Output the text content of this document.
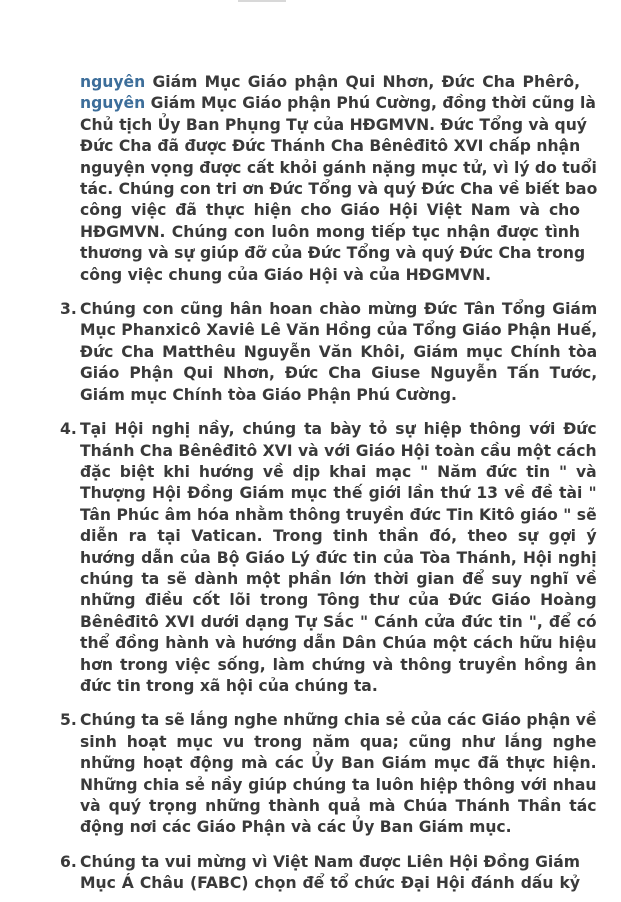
nguyên Giám Mục Giáo phận Qui Nhơn, Đức Cha Phêrô,
nguyên Giám Mục Giáo phận Phú Cường, đồng thời cũng là
Chủ tịch Ủy Ban Phụng Tự của HĐGMVN. Đức Tổng và quý
Đức Cha đã được Đức Thánh Cha Bênêđitô XVI chấp nhận
nguyện vọng được cất khỏi gánh nặng mục tử, vì lý do tuổi
tác. Chúng con tri ơn Đức Tổng và quý Đức Cha về biết bao
công việc đã thực hiện cho Giáo Hội Việt Nam và cho
HĐGMVN. Chúng con luôn mong tiếp tục nhận được tình
thương và sự giúp đỡ của Đức Tổng và quý Đức Cha trong
công việc chung của Giáo Hội và của HĐGMVN.
3. Chúng con cũng hân hoan chào mừng Đức Tân Tổng Giám
Mục Phanxicô Xaviê Lê Văn Hồng của Tổng Giáo Phận Huế,
Đức Cha Matthêu Nguyễn Văn Khôi, Giám mục Chính tòa
Giáo Phận Qui Nhơn, Đức Cha Giuse Nguyễn Tấn Tước,
Giám mục Chính tòa Giáo Phận Phú Cường.
4. Tại Hội nghị nầy, chúng ta bày tỏ sự hiệp thông với Đức
Thánh Cha Bênêđitô XVI và với Giáo Hội toàn cầu một cách
đặc biệt khi hướng về dịp khai mạc " Năm đức tin " và
Thượng Hội Đồng Giám mục thế giới lần thứ 13 về đề tài "
Tân Phúc âm hóa nhằm thông truyền đức Tin Kitô giáo " sẽ
diễn ra tại Vatican. Trong tinh thần đó, theo sự gợi ý
hướng dẫn của Bộ Giáo Lý đức tin của Tòa Thánh, Hội nghị
chúng ta sẽ dành một phần lớn thời gian để suy nghĩ về
những điều cốt lõi trong Tông thư của Đức Giáo Hoàng
Bênêđitô XVI dưới dạng Tự Sắc " Cánh cửa đức tin ", để có
thể đồng hành và hướng dẫn Dân Chúa một cách hữu hiệu
hơn trong việc sống, làm chứng và thông truyền hồng ân
đức tin trong xã hội của chúng ta.
5. Chúng ta sẽ lắng nghe những chia sẻ của các Giáo phận về
sinh hoạt mục vu trong năm qua; cũng như lắng nghe
những hoạt động mà các Ủy Ban Giám mục đã thực hiện.
Những chia sẻ nầy giúp chúng ta luôn hiệp thông với nhau
và quý trọng những thành quả mà Chúa Thánh Thần tác
động nơi các Giáo Phận và các Ủy Ban Giám mục.
6. Chúng ta vui mừng vì Việt Nam được Liên Hội Đồng Giám
Mục Á Châu (FABC) chọn để tổ chức Đại Hội đánh dấu kỷ
